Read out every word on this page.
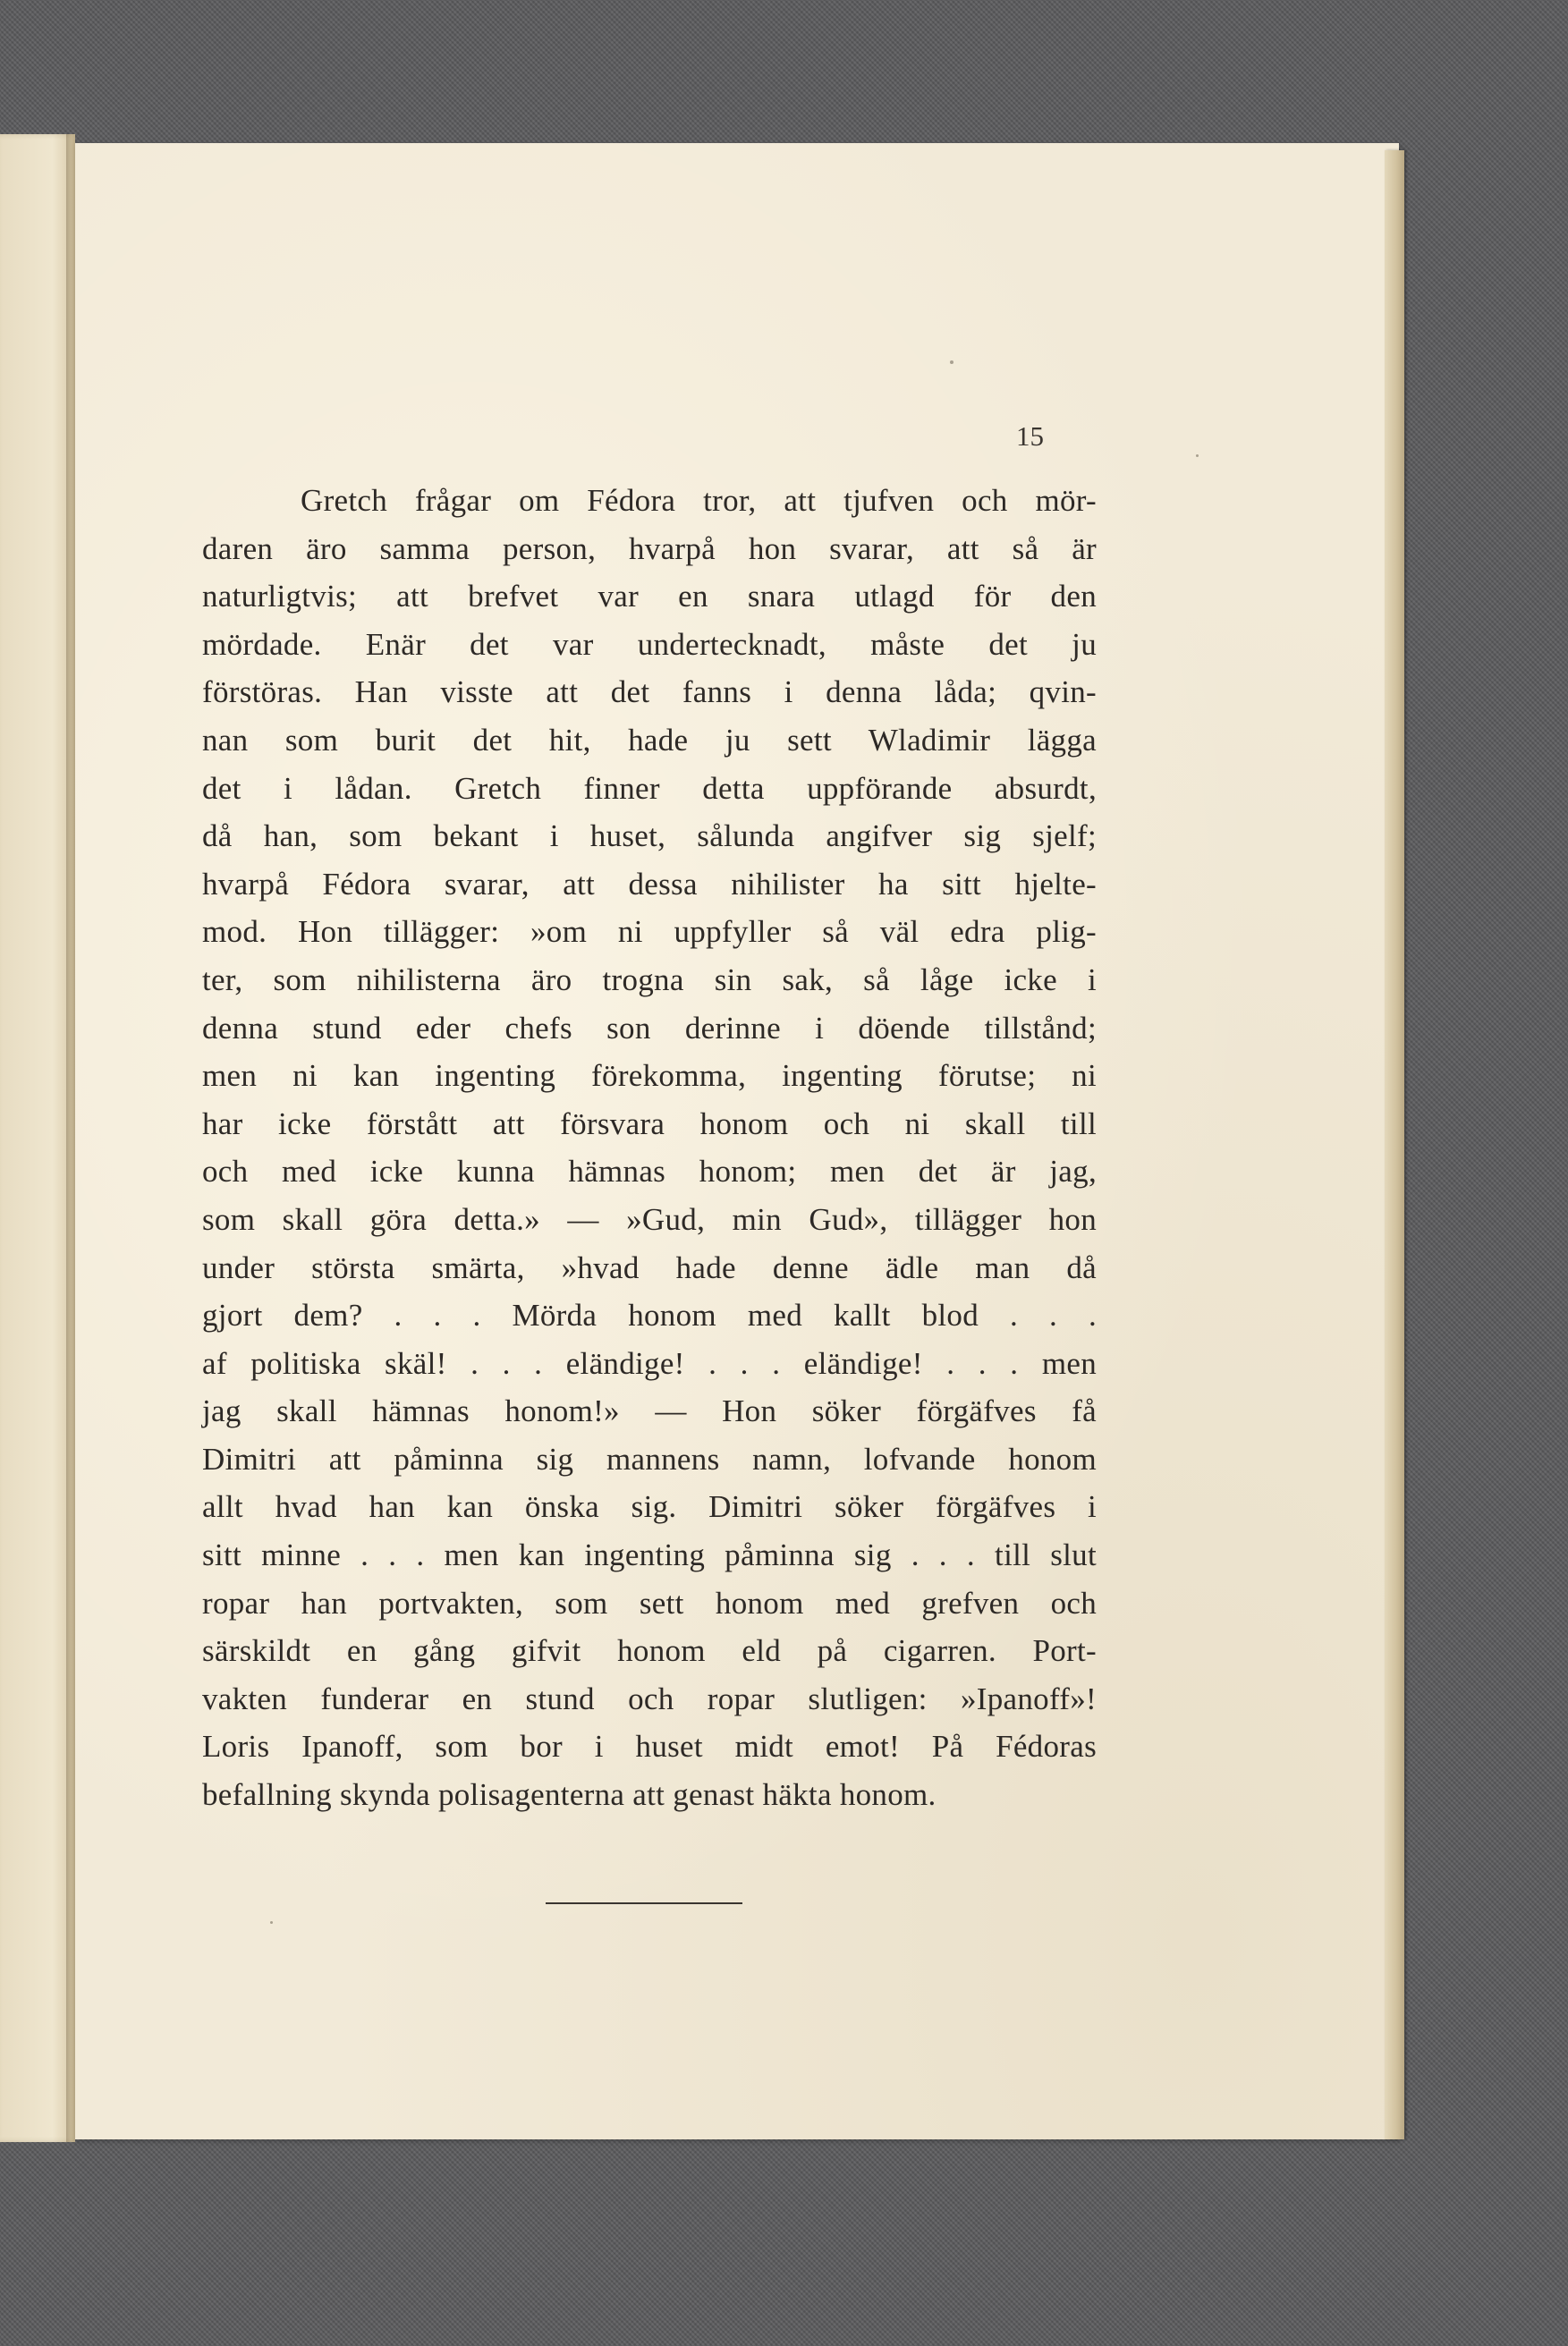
15
Gretch frågar om Fédora tror, att tjufven och mör-
daren äro samma person, hvarpå hon svarar, att så är
naturligtvis; att brefvet var en snara utlagd för den
mördade. Enär det var undertecknadt, måste det ju
förstöras. Han visste att det fanns i denna låda; qvin-
nan som burit det hit, hade ju sett Wladimir lägga
det i lådan. Gretch finner detta uppförande absurdt,
då han, som bekant i huset, sålunda angifver sig sjelf;
hvarpå Fédora svarar, att dessa nihilister ha sitt hjelte-
mod. Hon tillägger: »om ni uppfyller så väl edra plig-
ter, som nihilisterna äro trogna sin sak, så låge icke i
denna stund eder chefs son derinne i döende tillstånd;
men ni kan ingenting förekomma, ingenting förutse; ni
har icke förstått att försvara honom och ni skall till
och med icke kunna hämnas honom; men det är jag,
som skall göra detta.» — »Gud, min Gud», tillägger hon
under största smärta, »hvad hade denne ädle man då
gjort dem? . . . Mörda honom med kallt blod . . .
af politiska skäl! . . . eländige! . . . eländige! . . . men
jag skall hämnas honom!» — Hon söker förgäfves få
Dimitri att påminna sig mannens namn, lofvande honom
allt hvad han kan önska sig. Dimitri söker förgäfves i
sitt minne . . . men kan ingenting påminna sig . . . till slut
ropar han portvakten, som sett honom med grefven och
särskildt en gång gifvit honom eld på cigarren. Port-
vakten funderar en stund och ropar slutligen: »Ipanoff»!
Loris Ipanoff, som bor i huset midt emot! På Fédoras
befallning skynda polisagenterna att genast häkta honom.
